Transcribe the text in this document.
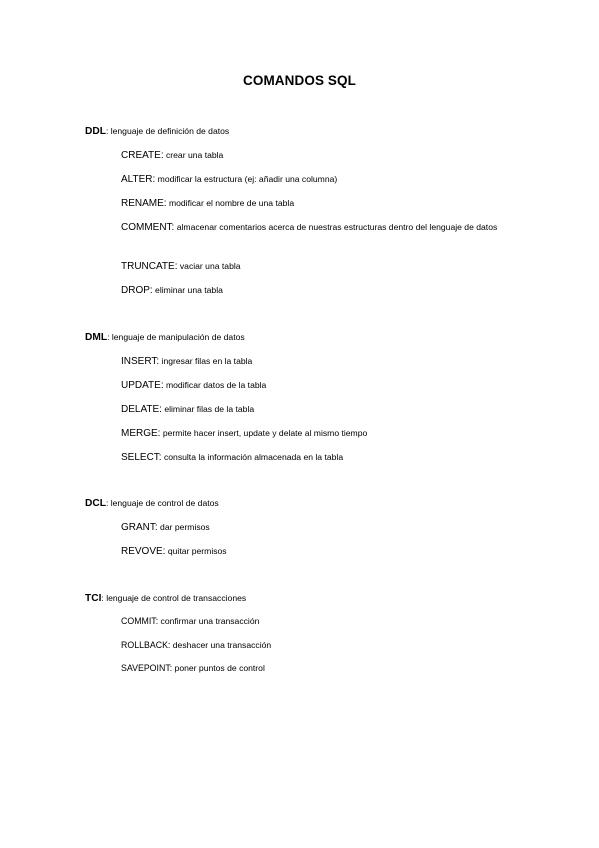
COMANDOS SQL
DDL: lenguaje de definición de datos
CREATE: crear una tabla
ALTER: modificar la estructura (ej: añadir una columna)
RENAME: modificar el nombre de una tabla
COMMENT: almacenar comentarios acerca de nuestras estructuras dentro del lenguaje de datos
TRUNCATE: vaciar una tabla
DROP: eliminar una tabla
DML: lenguaje de manipulación de datos
INSERT: ingresar filas en la tabla
UPDATE: modificar datos de la tabla
DELATE: eliminar filas de la tabla
MERGE: permite hacer insert, update y delate al mismo tiempo
SELECT: consulta la información almacenada en la tabla
DCL: lenguaje de control de datos
GRANT: dar permisos
REVOVE: quitar permisos
TCI: lenguaje de control de transacciones
COMMIT: confirmar una transacción
ROLLBACK: deshacer una transacción
SAVEPOINT: poner puntos de control
